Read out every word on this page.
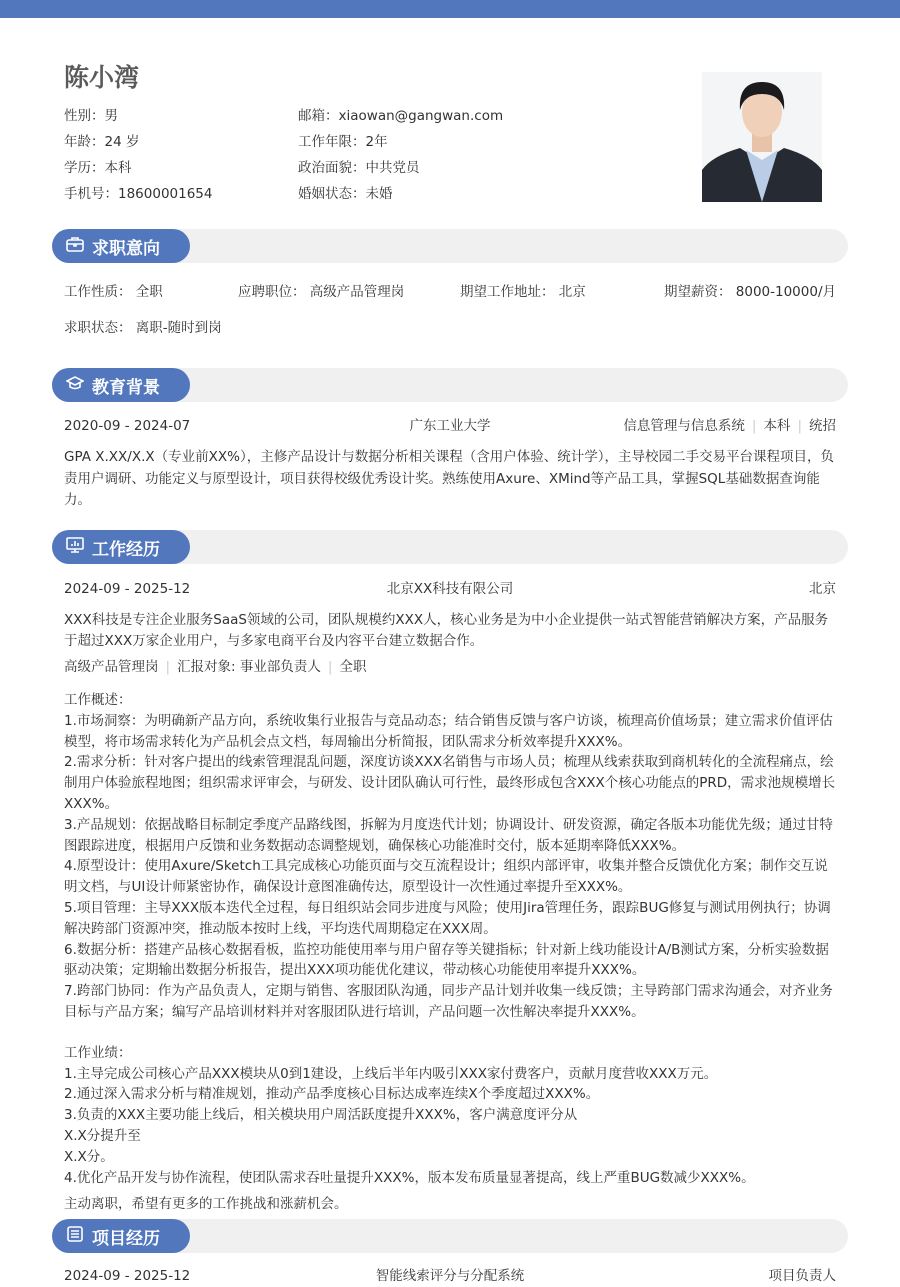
陈小湾
性别：男	邮箱：xiaowan@gangwan.com
年龄：24 岁	工作年限：2年
学历：本科	政治面貌：中共党员
手机号：18600001654	婚姻状态：未婚
求职意向
工作性质： 全职	应聘职位： 高级产品管理岗	期望工作地址： 北京	期望薪资： 8000-10000/月
求职状态： 离职-随时到岗
教育背景
2020-09 - 2024-07	广东工业大学	信息管理与信息系统 | 本科 | 统招
GPA X.XX/X.X（专业前XX%），主修产品设计与数据分析相关课程（含用户体验、统计学），主导校园二手交易平台课程项目，负责用户调研、功能定义与原型设计，项目获得校级优秀设计奖。熟练使用Axure、XMind等产品工具，掌握SQL基础数据查询能力。
工作经历
2024-09 - 2025-12	北京XX科技有限公司	北京
XXX科技是专注企业服务SaaS领域的公司，团队规模约XXX人，核心业务是为中小企业提供一站式智能营销解决方案，产品服务于超过XXX万家企业用户，与多家电商平台及内容平台建立数据合作。
高级产品管理岗 | 汇报对象: 事业部负责人 | 全职
工作概述：
1.市场洞察：为明确新产品方向，系统收集行业报告与竞品动态；结合销售反馈与客户访谈，梳理高价值场景；建立需求价值评估模型，将市场需求转化为产品机会点文档，每周输出分析简报，团队需求分析效率提升XXX%。
2.需求分析：针对客户提出的线索管理混乱问题，深度访谈XXX名销售与市场人员；梳理从线索获取到商机转化的全流程痛点，绘制用户体验旅程地图；组织需求评审会，与研发、设计团队确认可行性，最终形成包含XXX个核心功能点的PRD，需求池规模增长XXX%。
3.产品规划：依据战略目标制定季度产品路线图，拆解为月度迭代计划；协调设计、研发资源，确定各版本功能优先级；通过甘特图跟踪进度，根据用户反馈和业务数据动态调整规划，确保核心功能准时交付，版本延期率降低XXX%。
4.原型设计：使用Axure/Sketch工具完成核心功能页面与交互流程设计；组织内部评审，收集并整合反馈优化方案；制作交互说明文档，与UI设计师紧密协作，确保设计意图准确传达，原型设计一次性通过率提升至XXX%。
5.项目管理：主导XXX版本迭代全过程，每日组织站会同步进度与风险；使用Jira管理任务，跟踪BUG修复与测试用例执行；协调解决跨部门资源冲突，推动版本按时上线，平均迭代周期稳定在XXX周。
6.数据分析：搭建产品核心数据看板，监控功能使用率与用户留存等关键指标；针对新上线功能设计A/B测试方案，分析实验数据驱动决策；定期输出数据分析报告，提出XXX项功能优化建议，带动核心功能使用率提升XXX%。
7.跨部门协同：作为产品负责人，定期与销售、客服团队沟通，同步产品计划并收集一线反馈；主导跨部门需求沟通会，对齐业务目标与产品方案；编写产品培训材料并对客服团队进行培训，产品问题一次性解决率提升XXX%。
工作业绩：
1.主导完成公司核心产品XXX模块从0到1建设，上线后半年内吸引XXX家付费客户，贡献月度营收XXX万元。
2.通过深入需求分析与精准规划，推动产品季度核心目标达成率连续X个季度超过XXX%。
3.负责的XXX主要功能上线后，相关模块用户周活跃度提升XXX%，客户满意度评分从
X.X分提升至
X.X分。
4.优化产品开发与协作流程，使团队需求吞吐量提升XXX%，版本发布质量显著提高，线上严重BUG数减少XXX%。
主动离职，希望有更多的工作挑战和涨薪机会。
项目经历
2024-09 - 2025-12	智能线索评分与分配系统	项目负责人
